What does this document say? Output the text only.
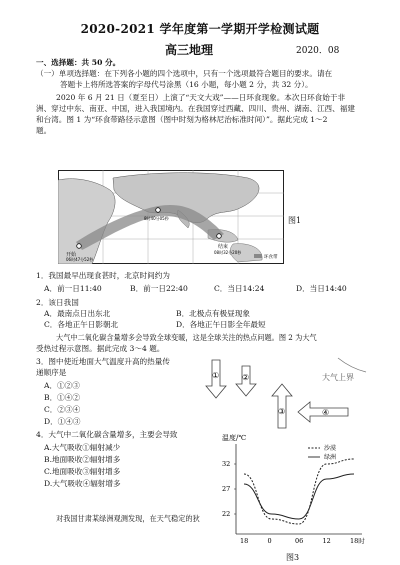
2020-2021 学年度第一学期开学检测试题
高三地理	2020．08
一、选择题：共 50 分。
（一）单项选择题：在下列各小题的四个选项中，只有一个选项最符合题目的要求。请在
答题卡上将所选答案的字母代号涂黑（16 小题，每小题 2 分，共 32 分）。
2020 年 6 月 21 日（夏至日）上演了“天文大戏”——日环食现象。本次日环食始于非
洲、穿过中东、南亚、中国，进入我国境内。在我国穿过西藏、四川、贵州、湖南、江西、福建
和台湾。图 1 为“环食带路径示意图（图中时刻为格林尼治标准时间）”。据此完成 1～2
题。
开始
06时47分52秒
8时40分05秒
结束
08时32分20秒
环食带
图1
1．我国最早出现食甚时，北京时间约为
A．前一日11:40	B．前一日22:40	C．当日14:24	D．当日14:40
2．该日我国
A．最南点日出东北	B．北极点有极昼现象
C．各地正午日影朝北	D．各地正午日影全年最短
大气中二氧化碳含量增多会导致全球变暖，这是全球关注的热点问题。图 2 为大气
受热过程示意图。据此完成 3～4 题。
3．图中使近地面大气温度升高的热量传
递顺序是
A．①②③
B．①④②
C．②③④
D．①④③
4．大气中二氧化碳含量增多，主要会导致
A.大气吸收①辐射减少
B.地面吸收②辐射增多
C.地面吸收③辐射增多
D.大气吸收④辐射增多
对我国甘肃某绿洲观测发现，在天气稳定的狄
①	②
③	④
大气上界
温度/℃
32
27
22
18	0	06	12	18时
沙漠
绿洲
图3
